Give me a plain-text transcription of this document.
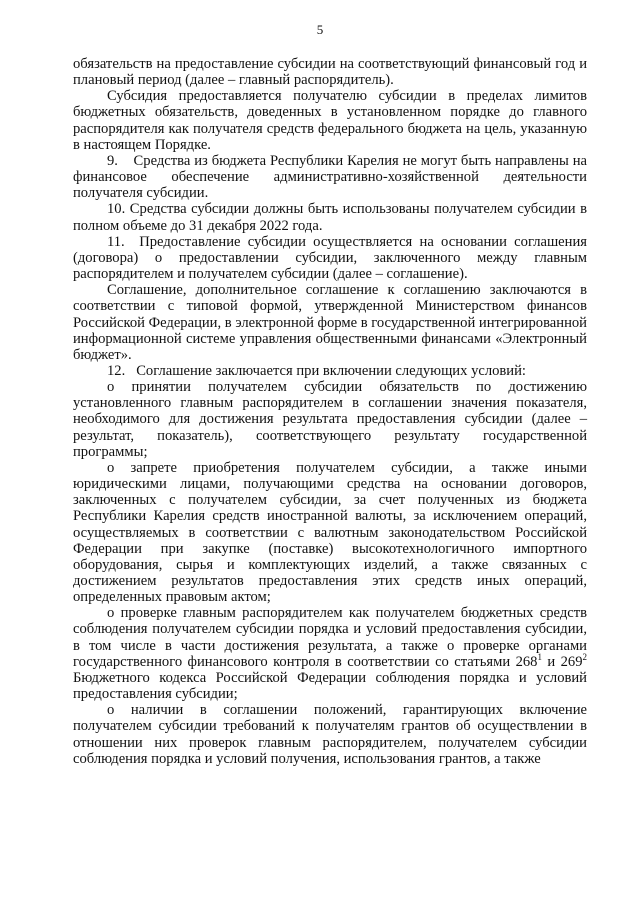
5

обязательств на предоставление субсидии на соответствующий финансовый год и плановый период (далее – главный распорядитель).

Субсидия предоставляется получателю субсидии в пределах лимитов бюджетных обязательств, доведенных в установленном порядке до главного распорядителя как получателя средств федерального бюджета на цель, указанную в настоящем Порядке.

9.    Средства из бюджета Республики Карелия не могут быть направлены на финансовое обеспечение административно-хозяйственной деятельности получателя субсидии.

10. Средства субсидии должны быть использованы получателем субсидии в полном объеме до 31 декабря 2022 года.

11.  Предоставление субсидии осуществляется на основании соглашения (договора) о предоставлении субсидии, заключенного между главным распорядителем и получателем субсидии (далее – соглашение).

Соглашение, дополнительное соглашение к соглашению заключаются в соответствии с типовой формой, утвержденной Министерством финансов Российской Федерации, в электронной форме в государственной интегрированной информационной системе управления общественными финансами «Электронный бюджет».

12.   Соглашение заключается при включении следующих условий:

о принятии получателем субсидии обязательств по достижению установленного главным распорядителем в соглашении значения показателя, необходимого для достижения результата предоставления субсидии (далее – результат, показатель), соответствующего результату государственной программы;

о запрете приобретения получателем субсидии, а также иными юридическими лицами, получающими средства на основании договоров, заключенных с получателем субсидии, за счет полученных из бюджета Республики Карелия средств иностранной валюты, за исключением операций, осуществляемых в соответствии с валютным законодательством Российской Федерации при закупке (поставке) высокотехнологичного импортного оборудования, сырья и комплектующих изделий, а также связанных с достижением результатов предоставления этих средств иных операций, определенных правовым актом;

о проверке главным распорядителем как получателем бюджетных средств соблюдения получателем субсидии порядка и условий предоставления субсидии, в том числе в части достижения результата, а также о проверке органами государственного финансового контроля в соответствии со статьями $268^1$ и $269^2$ Бюджетного кодекса Российской Федерации соблюдения порядка и условий предоставления субсидии;

о наличии в соглашении положений, гарантирующих включение получателем субсидии требований к получателям грантов об осуществлении в отношении них проверок главным распорядителем, получателем субсидии соблюдения порядка и условий получения, использования грантов, а также
